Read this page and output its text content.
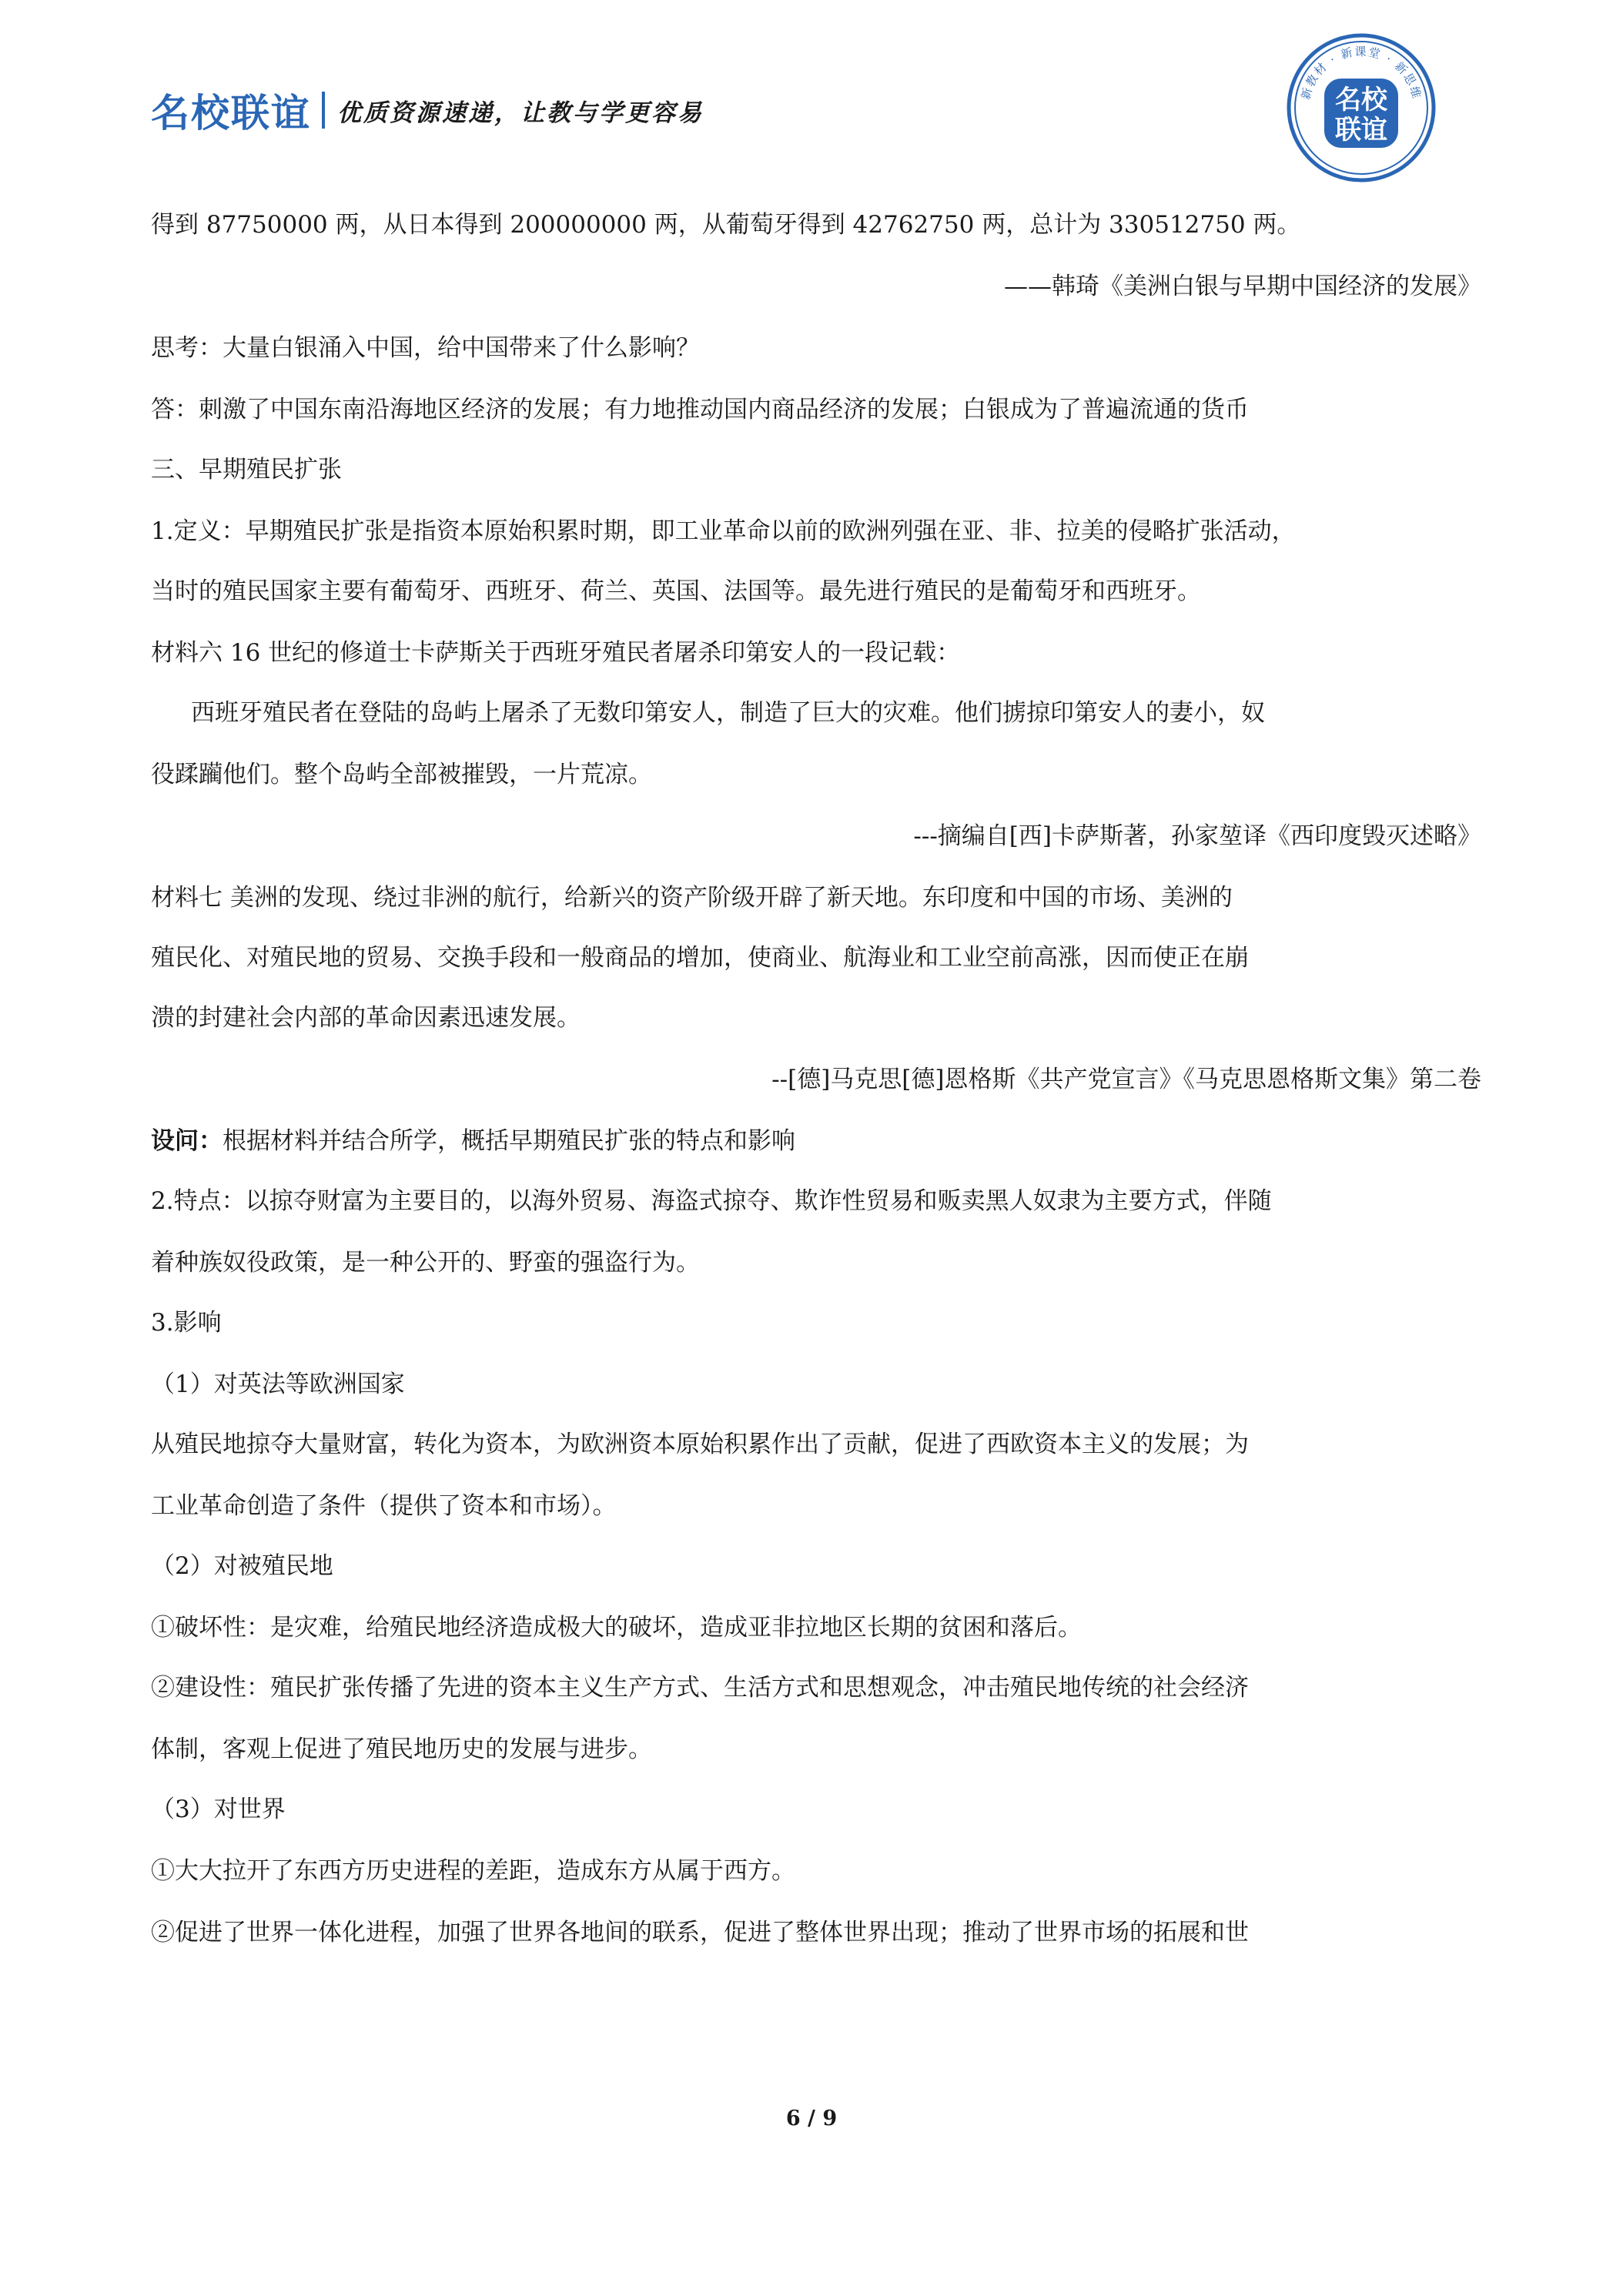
名校联谊 优质资源速递，让教与学更容易
新教材 · 新课堂 · 新思维
名校
联谊
得到 87750000 两，从日本得到 200000000 两，从葡萄牙得到 42762750 两，总计为 330512750 两。
——韩琦《美洲白银与早期中国经济的发展》
思考：大量白银涌入中国，给中国带来了什么影响？
答：刺激了中国东南沿海地区经济的发展；有力地推动国内商品经济的发展；白银成为了普遍流通的货币
三、早期殖民扩张
1.定义：早期殖民扩张是指资本原始积累时期，即工业革命以前的欧洲列强在亚、非、拉美的侵略扩张活动，
当时的殖民国家主要有葡萄牙、西班牙、荷兰、英国、法国等。最先进行殖民的是葡萄牙和西班牙。
材料六 16 世纪的修道士卡萨斯关于西班牙殖民者屠杀印第安人的一段记载：
西班牙殖民者在登陆的岛屿上屠杀了无数印第安人，制造了巨大的灾难。他们掳掠印第安人的妻小，奴
役蹂躏他们。整个岛屿全部被摧毁，一片荒凉。
---摘编自[西]卡萨斯著，孙家堃译《西印度毁灭述略》
材料七 美洲的发现、绕过非洲的航行，给新兴的资产阶级开辟了新天地。东印度和中国的市场、美洲的
殖民化、对殖民地的贸易、交换手段和一般商品的增加，使商业、航海业和工业空前高涨，因而使正在崩
溃的封建社会内部的革命因素迅速发展。
--[德]马克思[德]恩格斯《共产党宣言》《马克思恩格斯文集》第二卷
设问：根据材料并结合所学，概括早期殖民扩张的特点和影响
2.特点：以掠夺财富为主要目的，以海外贸易、海盗式掠夺、欺诈性贸易和贩卖黑人奴隶为主要方式，伴随
着种族奴役政策，是一种公开的、野蛮的强盗行为。
3.影响
（1）对英法等欧洲国家
从殖民地掠夺大量财富，转化为资本，为欧洲资本原始积累作出了贡献，促进了西欧资本主义的发展；为
工业革命创造了条件（提供了资本和市场）。
（2）对被殖民地
①破坏性：是灾难，给殖民地经济造成极大的破坏，造成亚非拉地区长期的贫困和落后。
②建设性：殖民扩张传播了先进的资本主义生产方式、生活方式和思想观念，冲击殖民地传统的社会经济
体制，客观上促进了殖民地历史的发展与进步。
（3）对世界
①大大拉开了东西方历史进程的差距，造成东方从属于西方。
②促进了世界一体化进程，加强了世界各地间的联系，促进了整体世界出现；推动了世界市场的拓展和世
6 / 9
